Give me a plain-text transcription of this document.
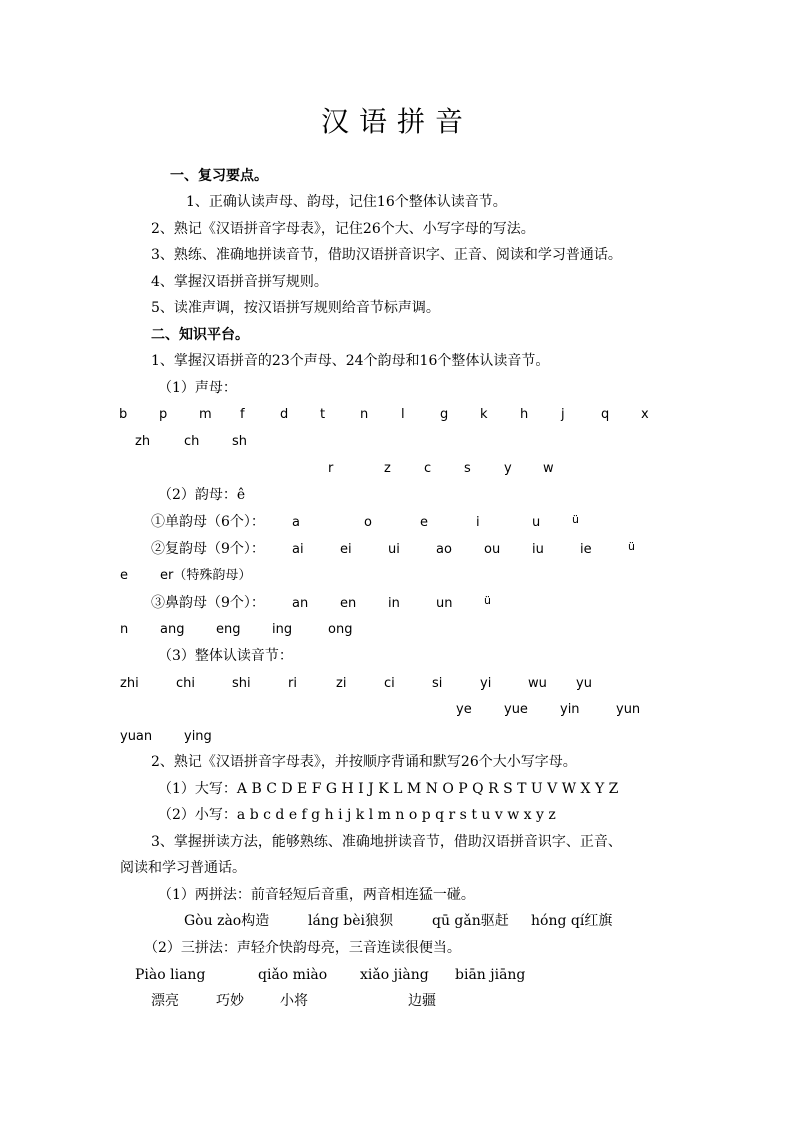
汉语拼音
一、复习要点。
1、正确认读声母、韵母，记住16个整体认读音节。
2、熟记《汉语拼音字母表》，记住26个大、小写字母的写法。
3、熟练、准确地拼读音节，借助汉语拼音识字、正音、阅读和学习普通话。
4、掌握汉语拼音拼写规则。
5、读准声调，按汉语拼写规则给音节标声调。
二、知识平台。
1、掌握汉语拼音的23个声母、24个韵母和16个整体认读音节。
（1）声母：
b p m f	d t	n	l	g k h	j	q x
zh	ch	sh
r	z	c	s	y w
（2）韵母：ê
①单韵母（6个）： a	o	e	i	u	ü
②复韵母（9个）： ai	ei	ui	ao ou iu	ie	ü
e er（特殊韵母）
③鼻韵母（9个）： an en in	un	ü
n ang eng ing	ong
（3）整体认读音节：
zhi	chi	shi	ri	zi	ci	si	yi	wu yu
ye yue yin	yun
yuan ying
2、熟记《汉语拼音字母表》，并按顺序背诵和默写26个大小写字母。
（1）大写：A B C D E F G H I J K L M N O P Q R S T U V W X Y Z
（2）小写：a b c d e f g h i j k l m n o p q r s t u v w x y z
3、掌握拼读方法，能够熟练、准确地拼读音节，借助汉语拼音识字、正音、
阅读和学习普通话。
（1）两拼法：前音轻短后音重，两音相连猛一碰。
Gòu zào构造	láng bèi狼狈	qū gǎn驱赶 hóng qí红旗
（2）三拼法：声轻介快韵母亮，三音连读很便当。
Piào liang	qiǎo miào xiǎo jiàng biān jiāng
漂亮	巧妙	小将	边疆
